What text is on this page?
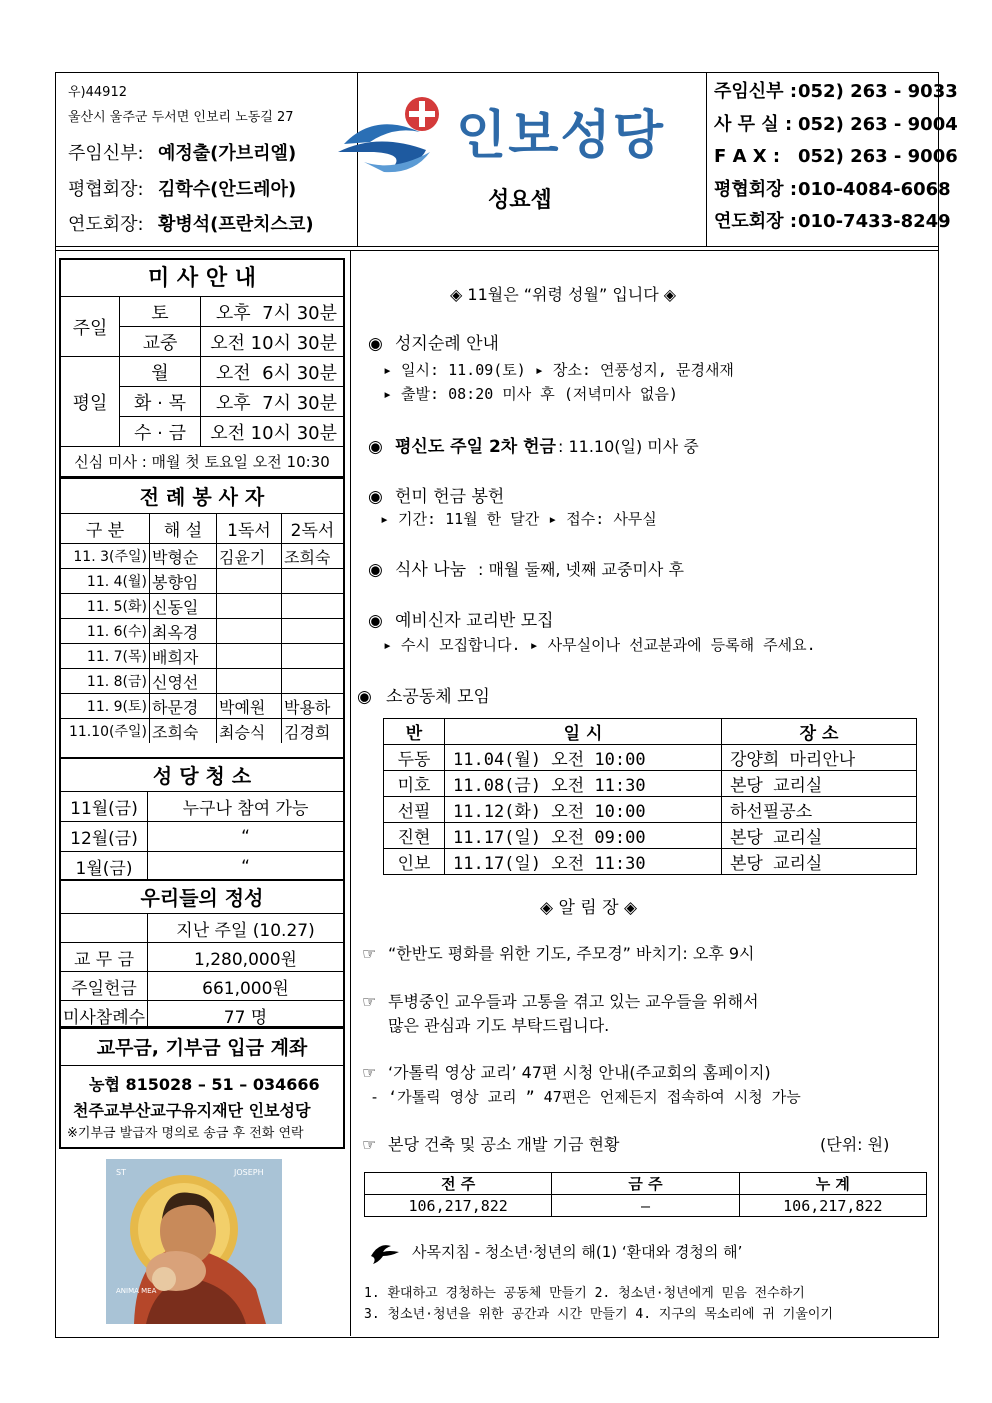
우)44912
울산시 울주군 두서면 인보리 노동길 27
주임신부: 예정출(가브리엘)
평협회장: 김학수(안드레아)
연도회장: 황병석(프란치스코)
인보성당
성요셉
주임신부 : 052) 263 - 9033
사 무 실 : 052) 263 - 9004
F A X : 052) 263 - 9006
평협회장 : 010-4084-6068
연도회장 : 010-7433-8249
미 사 안 내
주일	토	오후  7시 30분
	교중	오전 10시 30분
평일	월	오전  6시 30분
	화 · 목	오후  7시 30분
	수 · 금	오전 10시 30분
신심 미사 : 매월 첫 토요일 오전 10:30		
전 례 봉 사 자
구 분	해 설	1독서	2독서
11. 3(주일)	박형순	김윤기	조희숙
11. 4(월)	봉향임		
11. 5(화)	신동일		
11. 6(수)	최옥경		
11. 7(목)	배희자		
11. 8(금)	신영선		
11. 9(토)	하문경	박예원	박용하
11.10(주일)	조희숙	최승식	김경희
성 당 청 소
11월(금)	누구나 참여 가능
12월(금)	“
1월(금)	“
우리들의 정성
	지난 주일 (10.27)
교 무 금	1,280,000원
주일헌금	661,000원
미사참례수	77 명
교무금, 기부금 입금 계좌
농협 815028 – 51 – 034666
천주교부산교구유지재단 인보성당
※기부금 발급자 명의로 송금 후 전화 연락
ST	JOSEPH
ANIMA MEA
◈ 11월은 “위령 성월” 입니다 ◈
◉ 성지순례 안내
▸ 일시: 11.09(토) ▸ 장소: 연풍성지, 문경새재
▸ 출발: 08:20 미사 후 (저녁미사 없음)
◉ 평신도 주일 2차 헌금 : 11.10(일) 미사 중
◉ 헌미 헌금 봉헌
▸ 기간: 11월 한 달간 ▸ 접수: 사무실
◉ 식사 나눔 : 매월 둘째, 넷째 교중미사 후
◉ 예비신자 교리반 모집
▸ 수시 모집합니다. ▸ 사무실이나 선교분과에 등록해 주세요.
◉ 소공동체 모임
반	일 시	장 소
두동	11.04(월) 오전 10:00	강양희 마리안나
미호	11.08(금) 오전 11:30	본당 교리실
선필	11.12(화) 오전 10:00	하선필공소
진현	11.17(일) 오전 09:00	본당 교리실
인보	11.17(일) 오전 11:30	본당 교리실
◈ 알 림 장 ◈
☞ “한반도 평화를 위한 기도, 주모경” 바치기: 오후 9시
☞ 투병중인 교우들과 고통을 겪고 있는 교우들을 위해서
많은 관심과 기도 부탁드립니다.
☞ ‘가톨릭 영상 교리’ 47편 시청 안내(주교회의 홈페이지)
- ‘가톨릭 영상 교리 ” 47편은 언제든지 접속하여 시청 가능
☞ 본당 건축 및 공소 개발 기금 현황	(단위: 원)
전 주	금 주	누 계
106,217,822	–	106,217,822
사목지침 - 청소년·청년의 해(1) ‘환대와 경청의 해’
1. 환대하고 경청하는 공동체 만들기 2. 청소년·청년에게 믿음 전수하기
3. 청소년·청년을 위한 공간과 시간 만들기 4. 지구의 목소리에 귀 기울이기
